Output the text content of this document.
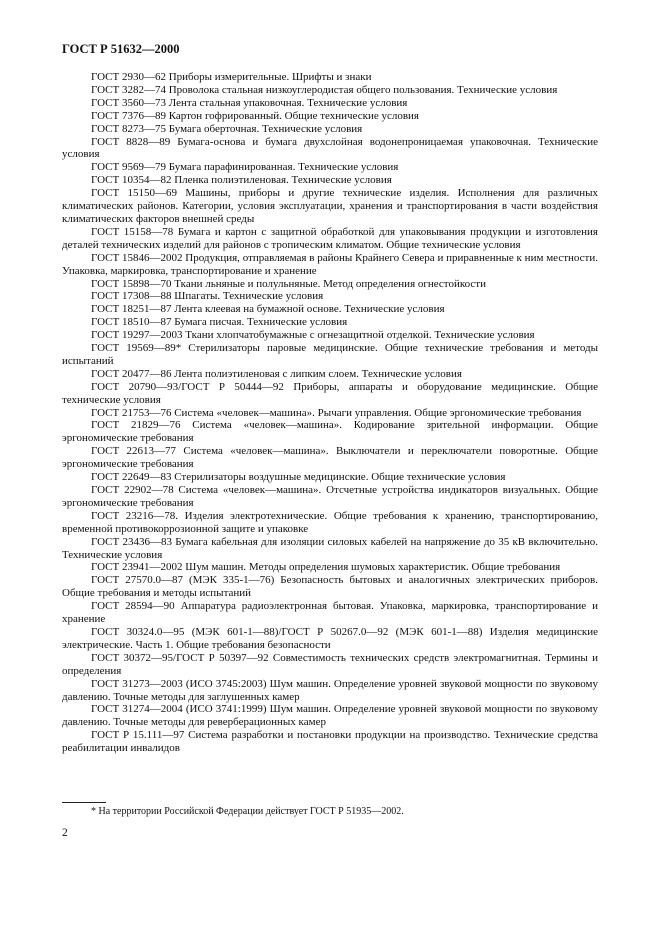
ГОСТ Р 51632—2000

ГОСТ 2930—62 Приборы измерительные. Шрифты и знаки

ГОСТ 3282—74 Проволока стальная низкоуглеродистая общего пользования. Технические условия

ГОСТ 3560—73 Лента стальная упаковочная. Технические условия

ГОСТ 7376—89 Картон гофрированный. Общие технические условия

ГОСТ 8273—75 Бумага оберточная. Технические условия

ГОСТ 8828—89 Бумага-основа и бумага двухслойная водонепроницаемая упаковочная. Технические условия

ГОСТ 9569—79 Бумага парафинированная. Технические условия

ГОСТ 10354—82 Пленка полиэтиленовая. Технические условия

ГОСТ 15150—69 Машины, приборы и другие технические изделия. Исполнения для различных климатических районов. Категории, условия эксплуатации, хранения и транспортирования в части воздействия климатических факторов внешней среды

ГОСТ 15158—78 Бумага и картон с защитной обработкой для упаковывания продукции и изготовления деталей технических изделий для районов с тропическим климатом. Общие технические условия

ГОСТ 15846—2002 Продукция, отправляемая в районы Крайнего Севера и приравненные к ним местности. Упаковка, маркировка, транспортирование и хранение

ГОСТ 15898—70 Ткани льняные и полульняные. Метод определения огнестойкости

ГОСТ 17308—88 Шпагаты. Технические условия

ГОСТ 18251—87 Лента клеевая на бумажной основе. Технические условия

ГОСТ 18510—87 Бумага писчая. Технические условия

ГОСТ 19297—2003 Ткани хлопчатобумажные с огнезащитной отделкой. Технические условия

ГОСТ 19569—89* Стерилизаторы паровые медицинские. Общие технические требования и методы испытаний

ГОСТ 20477—86 Лента полиэтиленовая с липким слоем. Технические условия

ГОСТ 20790—93/ГОСТ Р 50444—92 Приборы, аппараты и оборудование медицинские. Общие технические условия

ГОСТ 21753—76 Система «человек—машина». Рычаги управления. Общие эргономические требования

ГОСТ 21829—76 Система «человек—машина». Кодирование зрительной информации. Общие эргономические требования

ГОСТ 22613—77 Система «человек—машина». Выключатели и переключатели поворотные. Общие эргономические требования

ГОСТ 22649—83 Стерилизаторы воздушные медицинские. Общие технические условия

ГОСТ 22902—78 Система «человек—машина». Отсчетные устройства индикаторов визуальных. Общие эргономические требования

ГОСТ 23216—78. Изделия электротехнические. Общие требования к хранению, транспортированию, временной противокоррозионной защите и упаковке

ГОСТ 23436—83 Бумага кабельная для изоляции силовых кабелей на напряжение до 35 кВ включительно. Технические условия

ГОСТ 23941—2002 Шум машин. Методы определения шумовых характеристик. Общие требования

ГОСТ 27570.0—87 (МЭК 335-1—76) Безопасность бытовых и аналогичных электрических приборов. Общие требования и методы испытаний

ГОСТ 28594—90 Аппаратура радиоэлектронная бытовая. Упаковка, маркировка, транспортирование и хранение

ГОСТ 30324.0—95 (МЭК 601-1—88)/ГОСТ Р 50267.0—92 (МЭК 601-1—88) Изделия медицинские электрические. Часть 1. Общие требования безопасности

ГОСТ 30372—95/ГОСТ Р 50397—92 Совместимость технических средств электромагнитная. Термины и определения

ГОСТ 31273—2003 (ИСО 3745:2003) Шум машин. Определение уровней звуковой мощности по звуковому давлению. Точные методы для заглушенных камер

ГОСТ 31274—2004 (ИСО 3741:1999) Шум машин. Определение уровней звуковой мощности по звуковому давлению. Точные методы для реверберационных камер

ГОСТ Р 15.111—97 Система разработки и постановки продукции на производство. Технические средства реабилитации инвалидов

* На территории Российской Федерации действует ГОСТ Р 51935—2002.

2
